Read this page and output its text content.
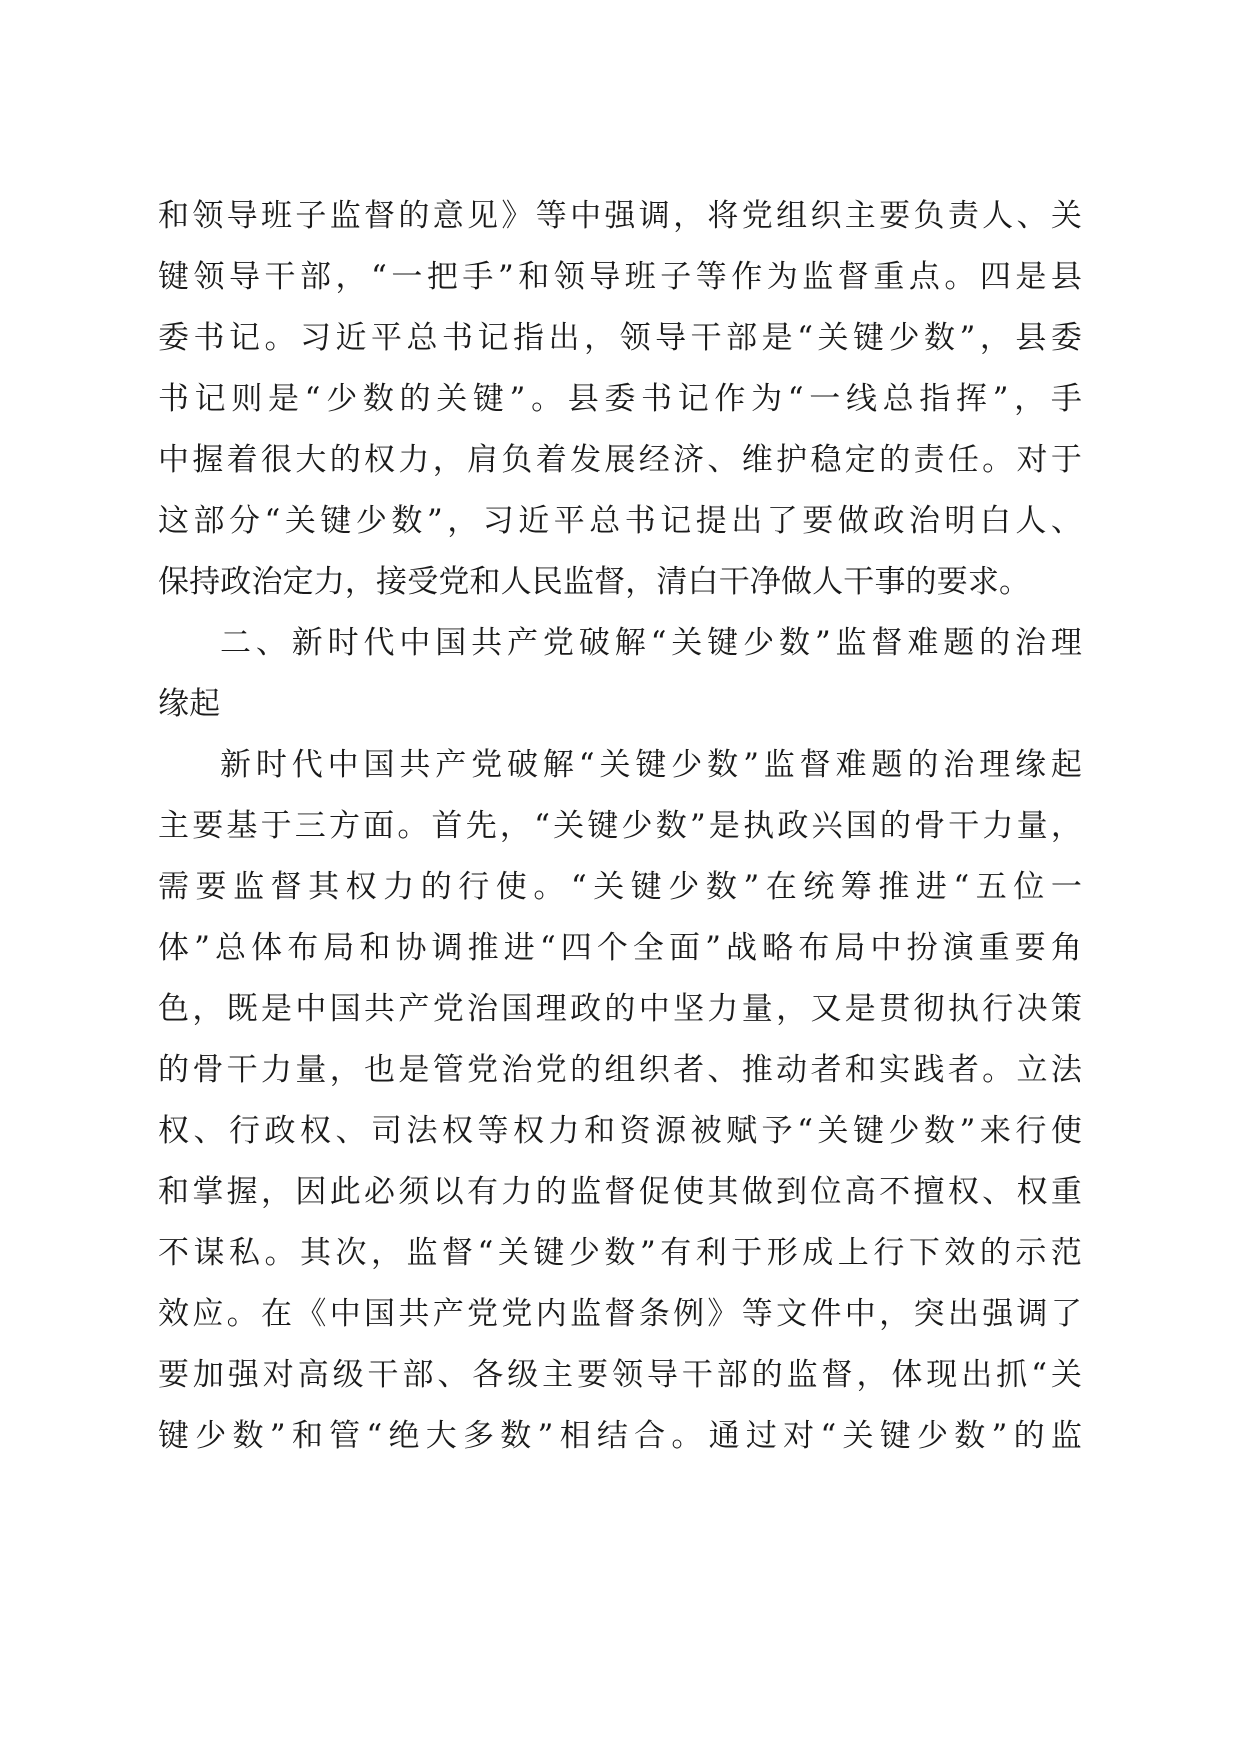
和领导班子监督的意见》等中强调，将党组织主要负责人、关
键领导干部，“一把手”和领导班子等作为监督重点。四是县
委书记。习近平总书记指出，领导干部是“关键少数”，县委
书记则是“少数的关键”。县委书记作为“一线总指挥”，手
中握着很大的权力，肩负着发展经济、维护稳定的责任。对于
这部分“关键少数”，习近平总书记提出了要做政治明白人、
保持政治定力，接受党和人民监督，清白干净做人干事的要求。
二、新时代中国共产党破解“关键少数”监督难题的治理
缘起
新时代中国共产党破解“关键少数”监督难题的治理缘起
主要基于三方面。首先，“关键少数”是执政兴国的骨干力量，
需要监督其权力的行使。“关键少数”在统筹推进“五位一
体”总体布局和协调推进“四个全面”战略布局中扮演重要角
色，既是中国共产党治国理政的中坚力量，又是贯彻执行决策
的骨干力量，也是管党治党的组织者、推动者和实践者。立法
权、行政权、司法权等权力和资源被赋予“关键少数”来行使
和掌握，因此必须以有力的监督促使其做到位高不擅权、权重
不谋私。其次，监督“关键少数”有利于形成上行下效的示范
效应。在《中国共产党党内监督条例》等文件中，突出强调了
要加强对高级干部、各级主要领导干部的监督，体现出抓“关
键少数”和管“绝大多数”相结合。通过对“关键少数”的监
